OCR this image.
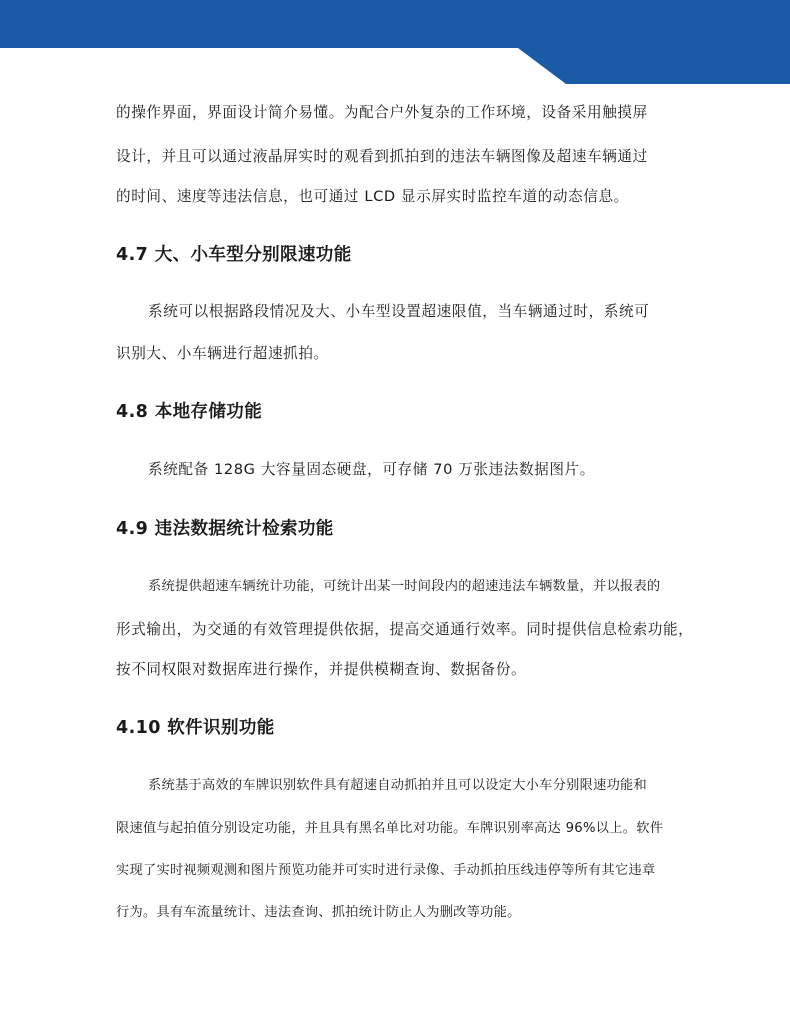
的操作界面，界面设计简介易懂。为配合户外复杂的工作环境，设备采用触摸屏
设计，并且可以通过液晶屏实时的观看到抓拍到的违法车辆图像及超速车辆通过
的时间、速度等违法信息，也可通过 LCD 显示屏实时监控车道的动态信息。
4.7 大、小车型分别限速功能
系统可以根据路段情况及大、小车型设置超速限值，当车辆通过时，系统可
识别大、小车辆进行超速抓拍。
4.8 本地存储功能
系统配备 128G 大容量固态硬盘，可存储 70 万张违法数据图片。
4.9 违法数据统计检索功能
系统提供超速车辆统计功能，可统计出某一时间段内的超速违法车辆数量，并以报表的
形式输出，为交通的有效管理提供依据，提高交通通行效率。同时提供信息检索功能，
按不同权限对数据库进行操作，并提供模糊查询、数据备份。
4.10 软件识别功能
系统基于高效的车牌识别软件具有超速自动抓拍并且可以设定大小车分别限速功能和
限速值与起拍值分别设定功能，并且具有黑名单比对功能。车牌识别率高达 96%以上。软件
实现了实时视频观测和图片预览功能并可实时进行录像、手动抓拍压线违停等所有其它违章
行为。具有车流量统计、违法查询、抓拍统计防止人为删改等功能。
